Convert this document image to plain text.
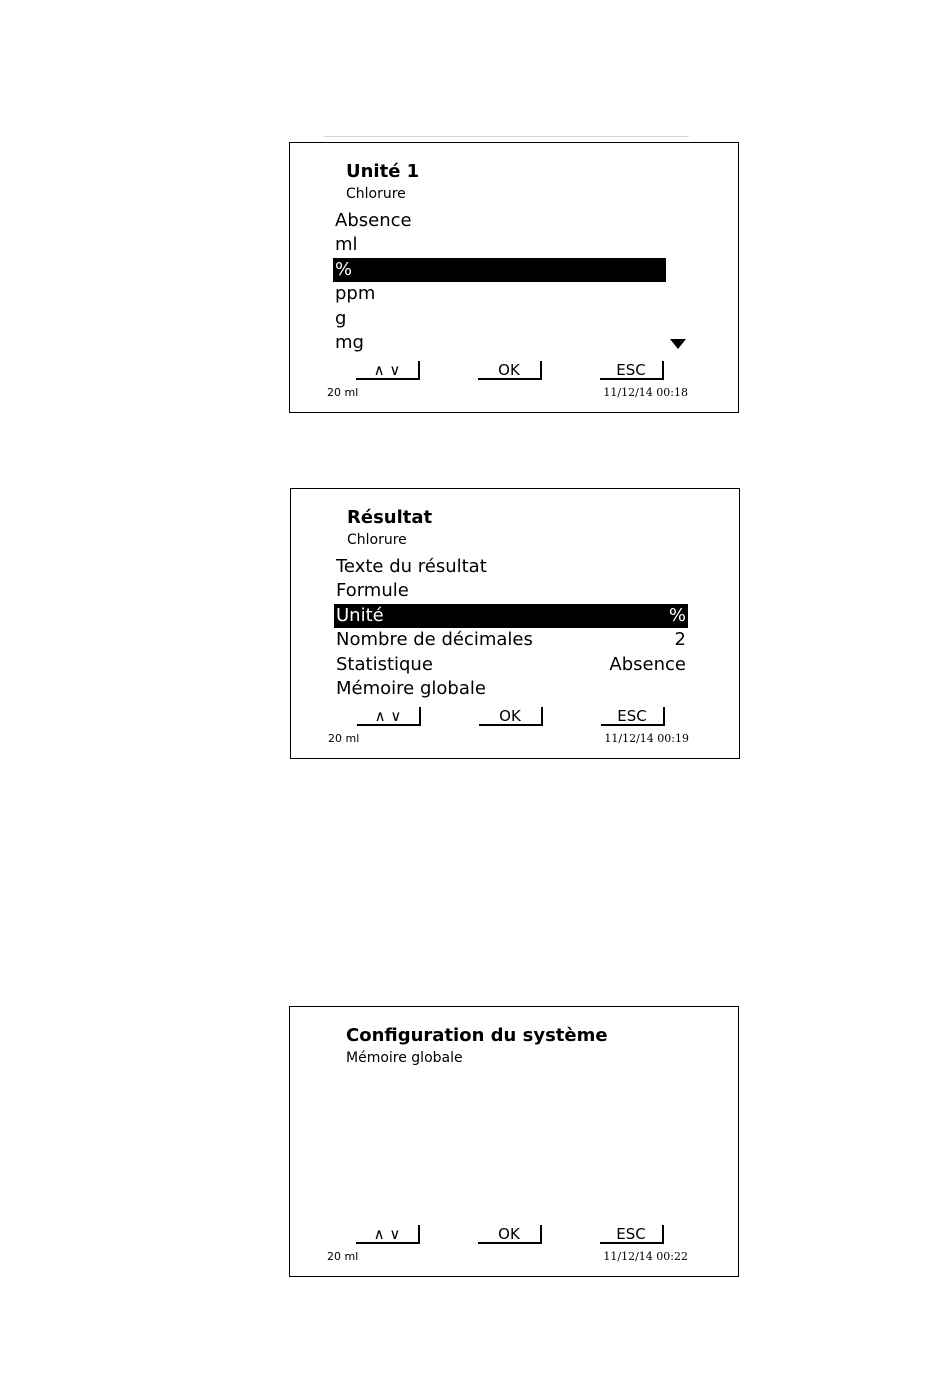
Unité 1
Chlorure
Absence
ml
%
ppm
g
mg
∧ ∨	OK	ESC
20 ml	11/12/14 00:18
Résultat
Chlorure
Texte du résultat
Formule
Unité	%
Nombre de décimales	2
Statistique	Absence
Mémoire globale
∧ ∨	OK	ESC
20 ml	11/12/14 00:19
Configuration du système
Mémoire globale
∧ ∨	OK	ESC
20 ml	11/12/14 00:22
